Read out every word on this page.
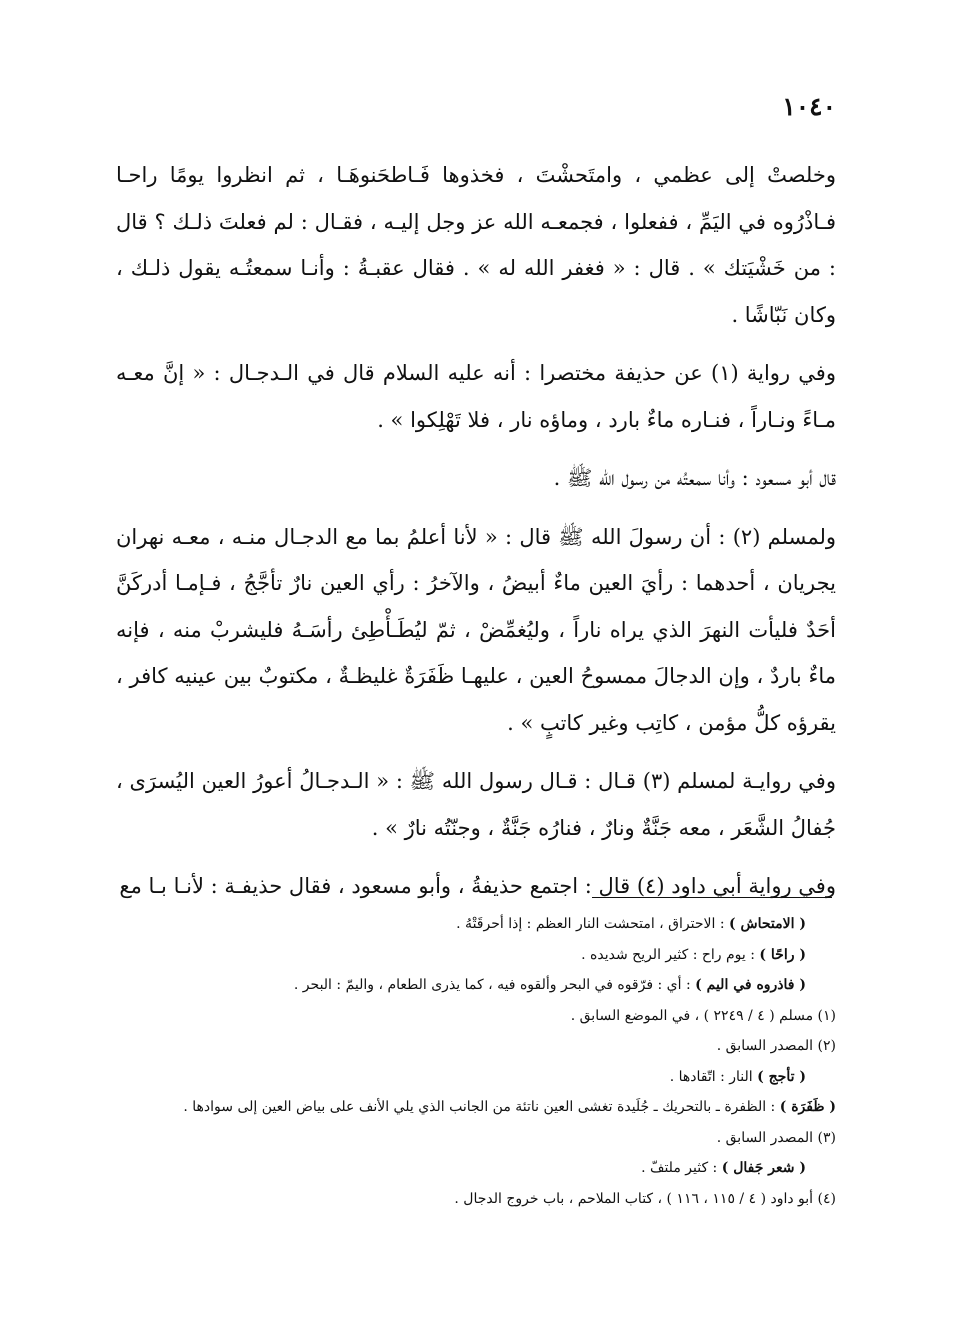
١٠٤٠

وخلصتْ إلى عظمي ، وامتَحشْتَ ، فخذوها فَـاطحَنوهَـا ، ثم انظروا يومًا راحـا فـاذْرُوه في اليَمِّ ، ففعلوا ، فجمعـه الله عز وجل إليـه ، فقـال : لم فعلتَ ذلـك ؟ قال : من خَشْيَتك » . قال : « فغفر الله له » . فقال عقبـةُ : وأنـا سمعتُـه يقول ذلـك ، وكان نَبّاشًا .

وفي رواية (١) عن حذيفة مختصرا : أنه عليه السلام قال في الـدجـال : « إنَّ معـه مـاءً ونـاراً ، فنـاره ماءٌ بارد ، وماؤه نار ، فلا تَهْلِكوا » .

قال أبو مسعود : وأنا سمعتُه من رسول الله ﷺ .

ولمسلم (٢) : أن رسولَ الله ﷺ قال : « لأنا أعلمُ بما مع الدجـال منـه ، معـه نهران يجريان ، أحدهما : رأيَ العين ماءٌ أبيضُ ، والآخرُ : رأي العين نارٌ تأجَّجُ ، فـإمـا أدركَنَّ أحَدٌ فليأت النهرَ الذي يراه ناراً ، وليُغمِّضْ ، ثمّ ليُطَـأْطِئ رأسَـهُ فليشربْ منه ، فإنه ماءٌ باردٌ ، وإن الدجالَ ممسوحُ العين ، عليهـا ظَفَرَةٌ غليظـةٌ ، مكتوبٌ بين عينيه كافر ، يقرؤه كلُّ مؤمن ، كاتِب وغير كاتبٍ » .

وفي روايـة لمسلم (٣) قـال : قـال رسول الله ﷺ : « الـدجـالُ أعورُ العين اليُسرَى ، جُفالُ الشَّعَر ، معه جَنَّةٌ ونارٌ ، فنارُه جَنَّةٌ ، وجنّتُه نارٌ » .

وفي رواية أبي داود (٤) قال : اجتمع حذيفةُ ، وأبو مسعود ، فقال حذيفـة : لأنـا بـا مع

( الامتحاش ) : الاحتراق ، امتحشت النار العظم : إذا أحرقَتْهُ .

( راحًا ) : يوم راح : كثير الريح شديده .

( فاذروه في اليم ) : أي : فرّقوه في البحر وألقوه فيه ، كما يذرى الطعام ، واليمّ : البحر .

(١) مسلم ( ٤ / ٢٢٤٩ ) ، في الموضع السابق .

(٢) المصدر السابق .

( تأجج ) النار : اتّقادها .

( ظَفَرَة ) : الظفرة ـ بالتحريك ـ جُلَيدة تغشى العين ناتئة من الجانب الذي يلي الأنف على بياض العين إلى سوادها .

(٣) المصدر السابق .

( شعر جَفال ) : كثير ملتفّ .

(٤) أبو داود ( ٤ / ١١٥ ، ١١٦ ) ، كتاب الملاحم ، باب خروج الدجال .
